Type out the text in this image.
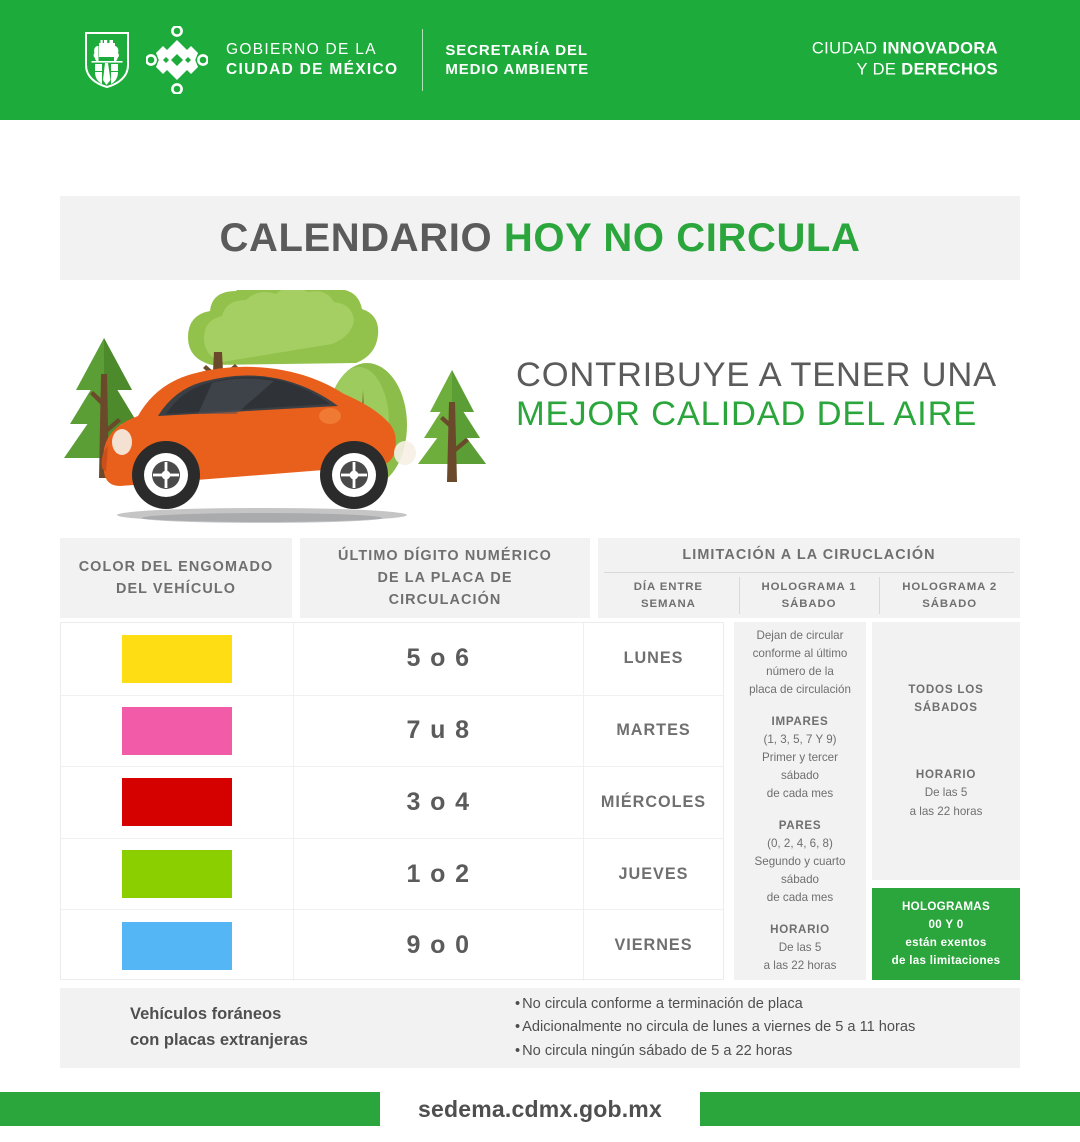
GOBIERNO DE LA
CIUDAD DE MÉXICO
SECRETARÍA DEL
MEDIO AMBIENTE
CIUDAD INNOVADORA
Y DE DERECHOS
CALENDARIO HOY NO CIRCULA
CONTRIBUYE A TENER UNA
MEJOR CALIDAD DEL AIRE
COLOR DEL ENGOMADO
DEL VEHÍCULO
ÚLTIMO DÍGITO NUMÉRICO
DE LA PLACA DE
CIRCULACIÓN
LIMITACIÓN A LA CIRUCLACIÓN
DÍA ENTRE
SEMANA
HOLOGRAMA 1
SÁBADO
HOLOGRAMA 2
SÁBADO
5 o 6	LUNES
7 u 8	MARTES
3 o 4	MIÉRCOLES
1 o 2	JUEVES
9 o 0	VIERNES
Dejan de circular
conforme al último
número de la
placa de circulación
IMPARES
(1, 3, 5, 7 Y 9)
Primer y tercer
sábado
de cada mes
PARES
(0, 2, 4, 6, 8)
Segundo y cuarto
sábado
de cada mes
HORARIO
De las 5
a las 22 horas
TODOS LOS
SÁBADOS
HORARIO
De las 5
a las 22 horas
HOLOGRAMAS
00 Y 0
están exentos
de las limitaciones
Vehículos foráneos
con placas extranjeras
• No circula conforme a terminación de placa
• Adicionalmente no circula de lunes a viernes de 5 a 11 horas
• No circula ningún sábado de 5 a 22 horas
sedema.cdmx.gob.mx
